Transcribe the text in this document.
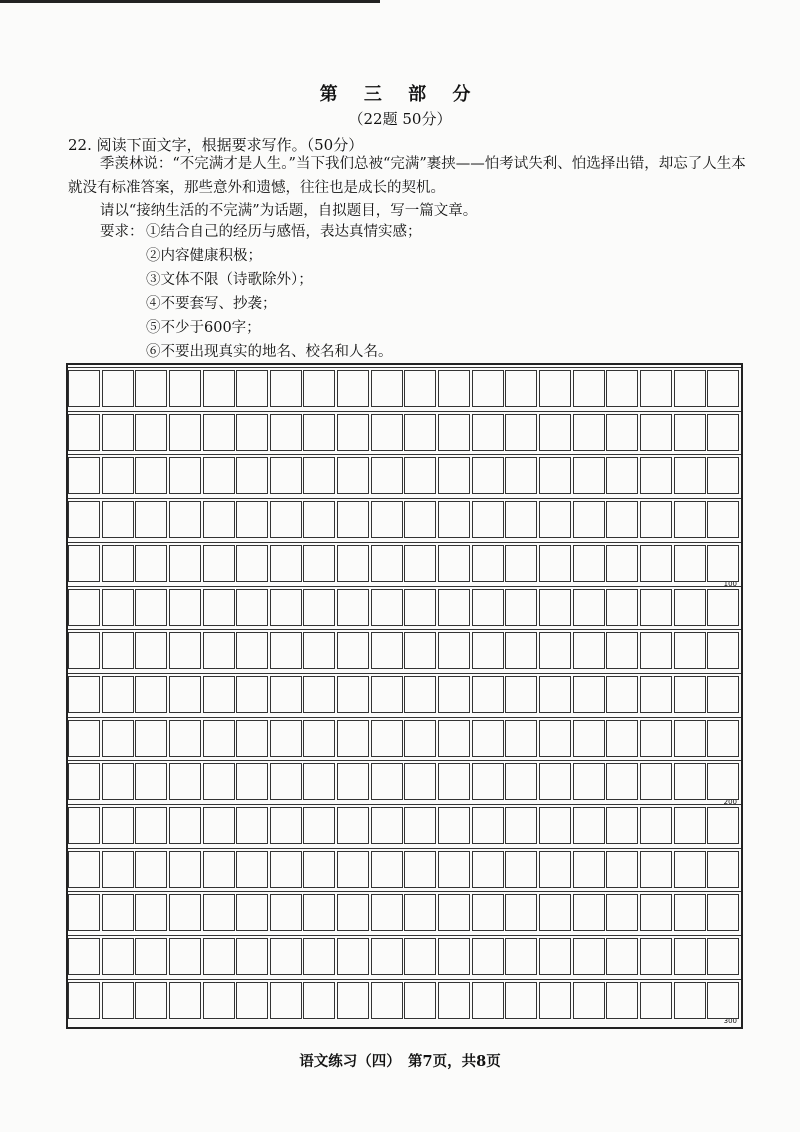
第 三 部 分
（22题 50分）
22. 阅读下面文字，根据要求写作。（50分）
季羡林说：“不完满才是人生。”当下我们总被“完满”裹挟——怕考试失利、怕选择出错，却忘了人生本就没有标准答案，那些意外和遗憾，往往也是成长的契机。
请以“接纳生活的不完满”为话题，自拟题目，写一篇文章。
要求： ①结合自己的经历与感悟，表达真情实感；
②内容健康积极；
③文体不限（诗歌除外）；
④不要套写、抄袭；
⑤不少于600字；
⑥不要出现真实的地名、校名和人名。
100
200
300
语文练习（四）　第7页，共8页
